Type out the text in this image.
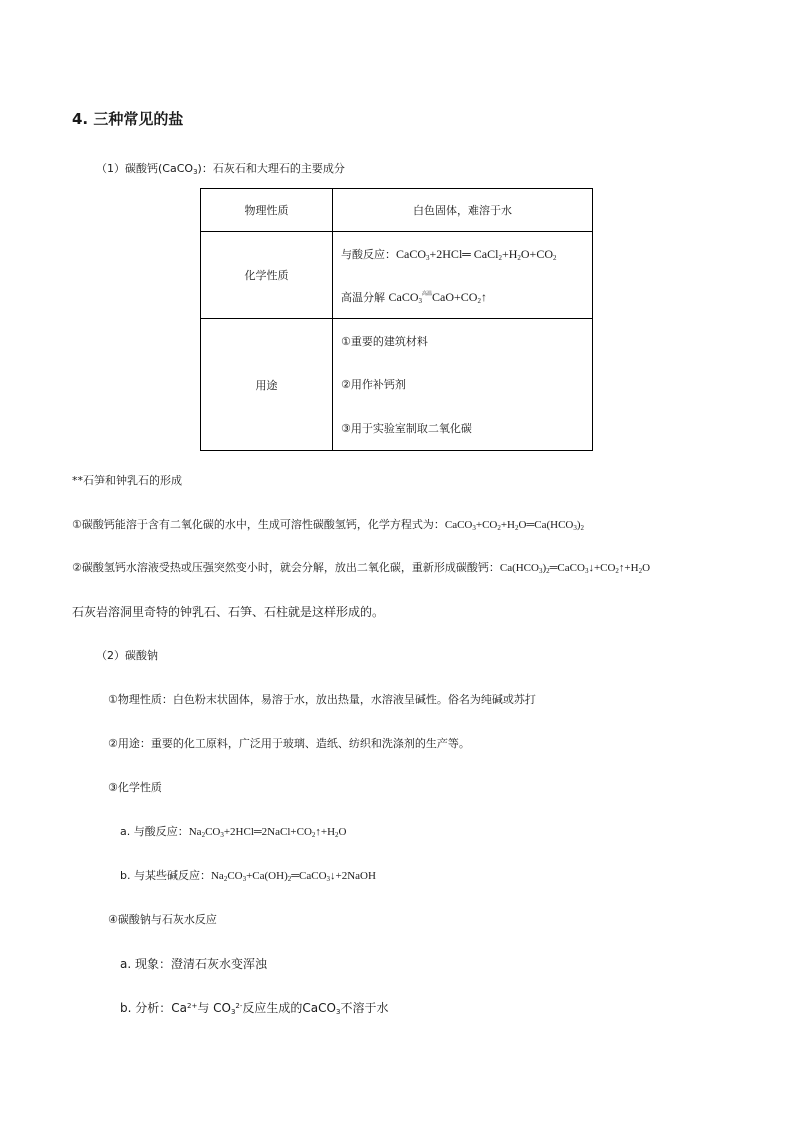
4. 三种常见的盐
（1）碳酸钙(CaCO$_3$)：石灰石和大理石的主要成分
物理性质	白色固体，难溶于水
化学性质	与酸反应：CaCO$_3$+2HCl═ $CaCl_2+H_2O+CO_2$
高温分解 $CaCO_3^{高温}CaO+CO_2↑$

用途	①重要的建筑材料
②用作补钙剂
③用于实验室制取二氧化碳
**石笋和钟乳石的形成
①碳酸钙能溶于含有二氧化碳的水中，生成可溶性碳酸氢钙，化学方程式为：$CaCO_3+CO_2+H_2O═Ca(HCO_3)_2$
②碳酸氢钙水溶液受热或压强突然变小时，就会分解，放出二氧化碳，重新形成碳酸钙：$Ca(HCO_3)_2═CaCO_3↓+CO_2↑+H_2O$
石灰岩溶洞里奇特的钟乳石、石笋、石柱就是这样形成的。
（2）碳酸钠
①物理性质：白色粉末状固体，易溶于水，放出热量，水溶液呈碱性。俗名为纯碱或苏打
②用途：重要的化工原料，广泛用于玻璃、造纸、纺织和洗涤剂的生产等。
③化学性质
a. 与酸反应：$Na_2CO_3+2HCl═2NaCl+CO_2↑+H_2O$
b. 与某些碱反应：$Na_2CO_3+Ca(OH)_2═CaCO_3↓+2NaOH$
④碳酸钠与石灰水反应
a. 现象：澄清石灰水变浑浊
b. 分析：$Ca^{2+}$与 $CO_3^{2-}$反应生成的CaCO$_3$不溶于水
